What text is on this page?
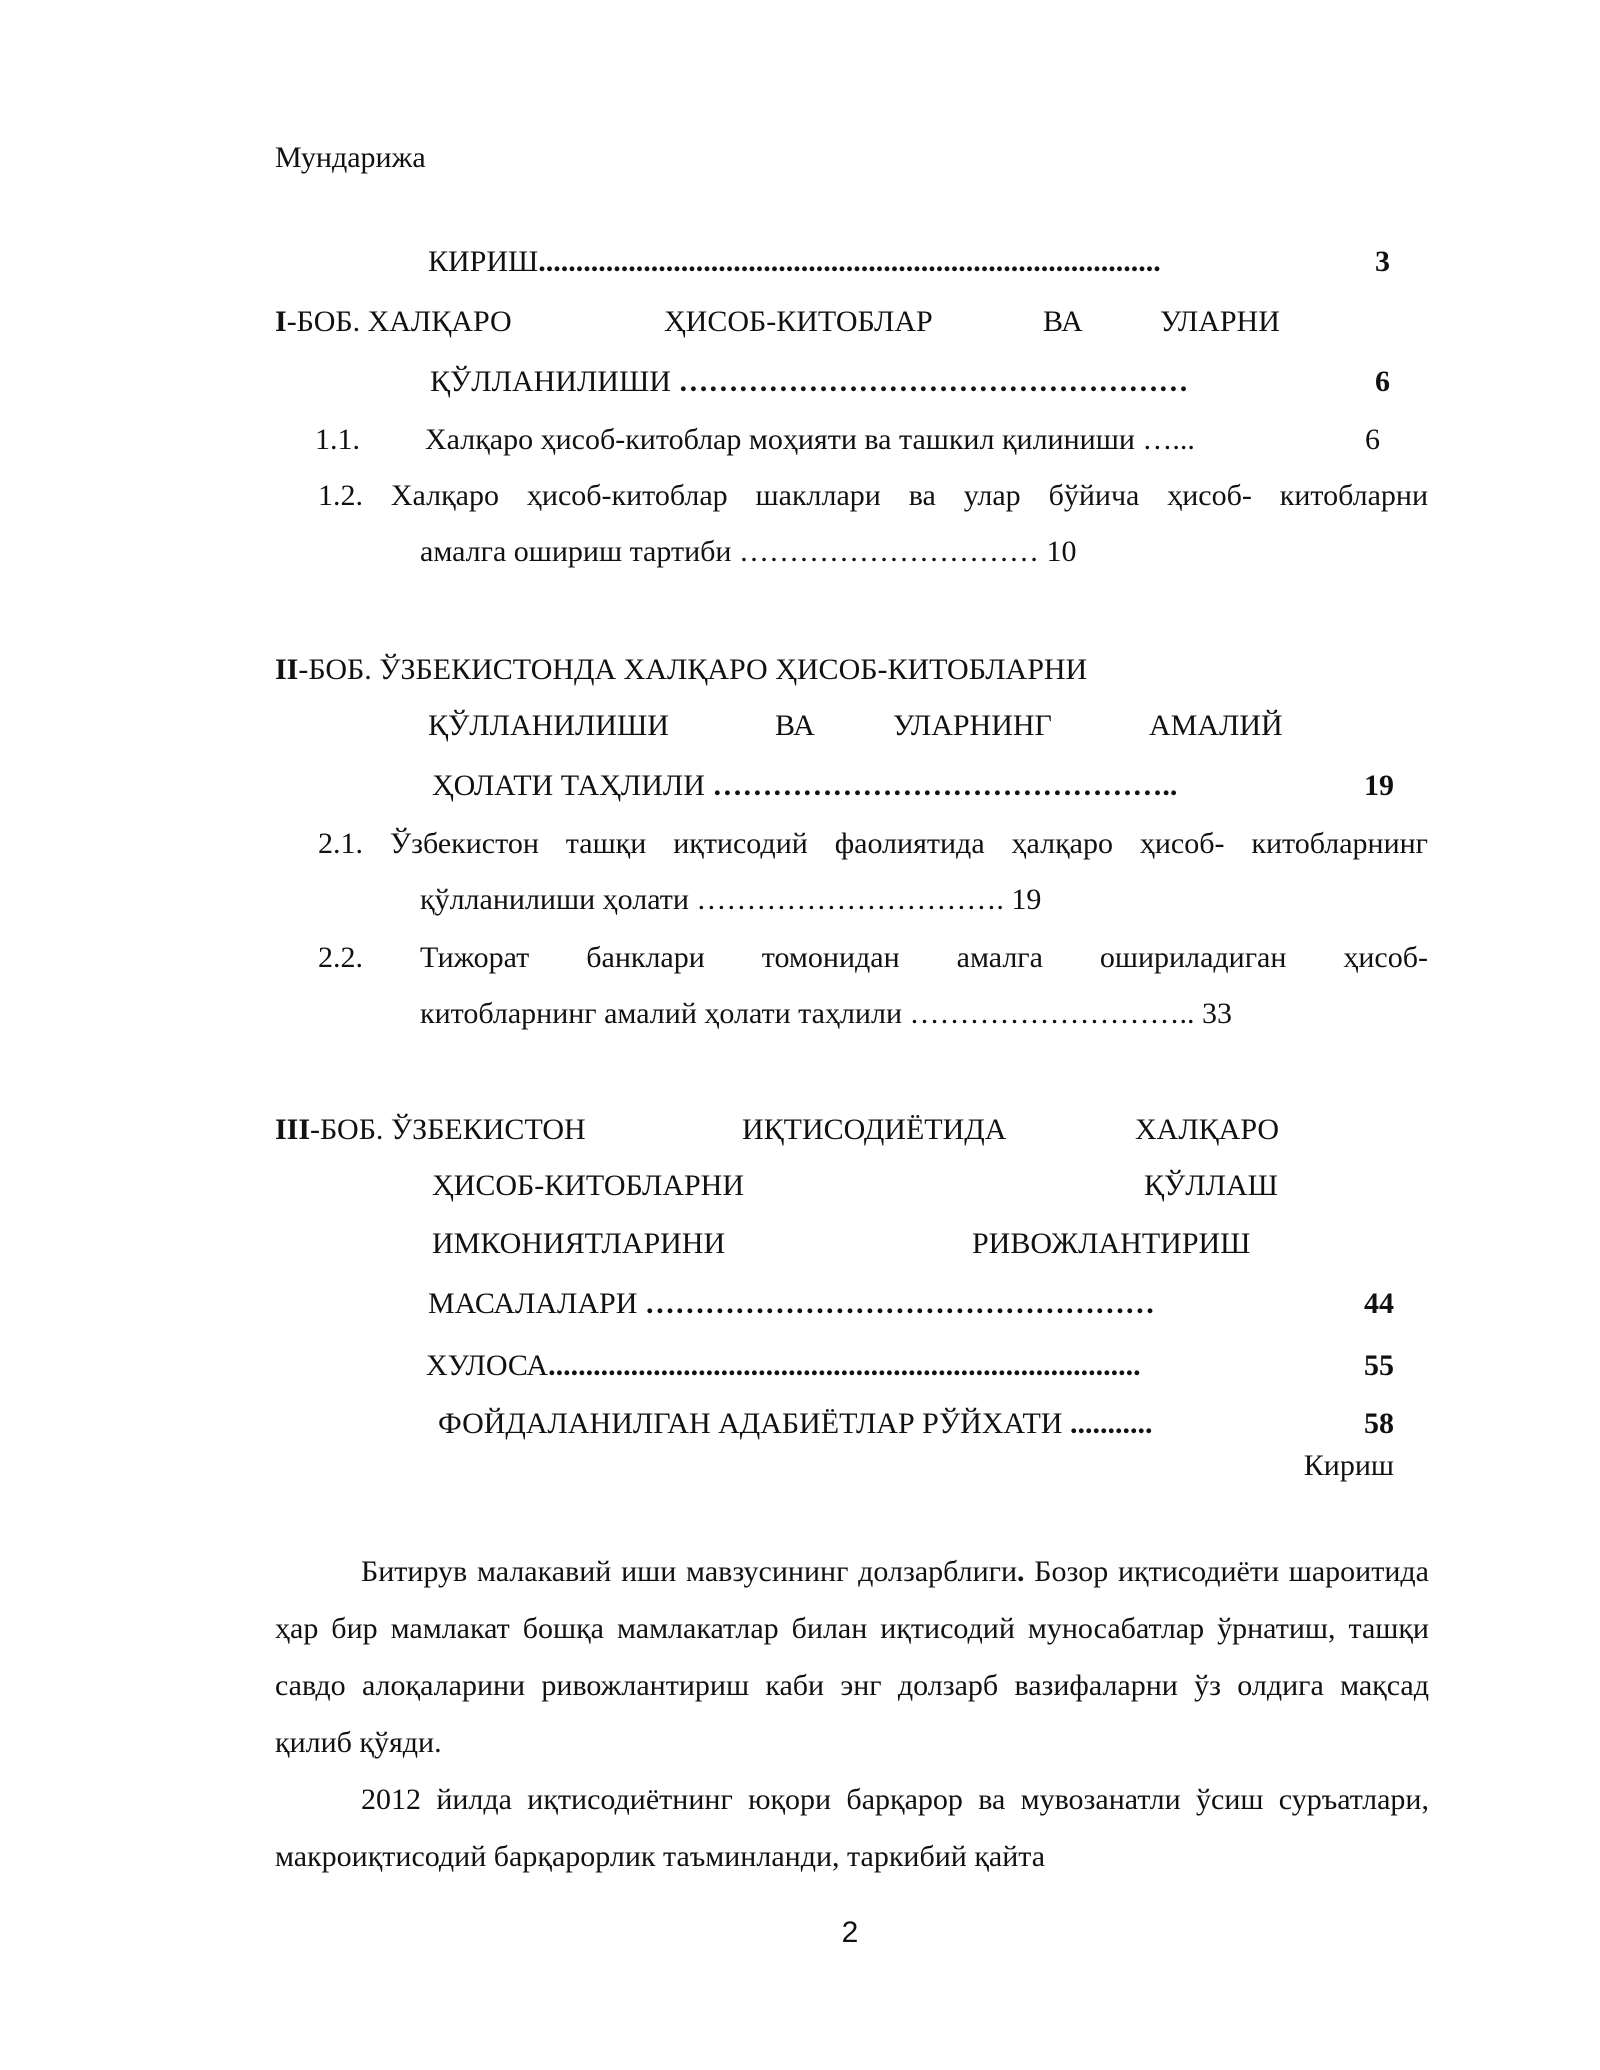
Мундарижа
КИРИШ...................................................................................	3
I-БОБ. ХАЛҚАРО	ҲИСОБ-КИТОБЛАР	ВА	УЛАРНИ
ҚЎЛЛАНИЛИШИ ……………………………………………	6
1.1. Халқаро ҳисоб-китоблар моҳияти ва ташкил қилиниши …...	6
1.2. Халқаро ҳисоб-китоблар шакллари ва улар бўйича ҳисоб- китобларни
амалга ошириш тартиби ………………………… 10
II-БОБ. ЎЗБЕКИСТОНДА ХАЛҚАРО ҲИСОБ-КИТОБЛАРНИ
ҚЎЛЛАНИЛИШИ	ВА	УЛАРНИНГ	АМАЛИЙ
ҲОЛАТИ ТАҲЛИЛИ ………………………………………..	19
2.1. Ўзбекистон ташқи иқтисодий фаолиятида ҳалқаро ҳисоб- китобларнинг
қўлланилиши ҳолати …………………………. 19
2.2. Тижорат банклари томонидан амалга ошириладиган ҳисоб-
китобларнинг амалий ҳолати таҳлили ……………………….. 33
III-БОБ. ЎЗБЕКИСТОН	ИҚТИСОДИЁТИДА	ХАЛҚАРО
ҲИСОБ-КИТОБЛАРНИ	ҚЎЛЛАШ
ИМКОНИЯТЛАРИНИ	РИВОЖЛАНТИРИШ
МАСАЛАЛАРИ ……………………………………………	44
ХУЛОСА...............................................................................	55
ФОЙДАЛАНИЛГАН АДАБИЁТЛАР РЎЙХАТИ ...........	58
Кириш

Битирув малакавий иши мавзусининг долзарблиги. Бозор иқтисодиёти шароитида ҳар бир мамлакат бошқа мамлакатлар билан иқтисодий муносабатлар ўрнатиш, ташқи савдо алоқаларини ривожлантириш каби энг долзарб вазифаларни ўз олдига мақсад қилиб қўяди.

2012 йилда иқтисодиётнинг юқори барқарор ва мувозанатли ўсиш суръатлари, макроиқтисодий барқарорлик таъминланди, таркибий қайта

2
